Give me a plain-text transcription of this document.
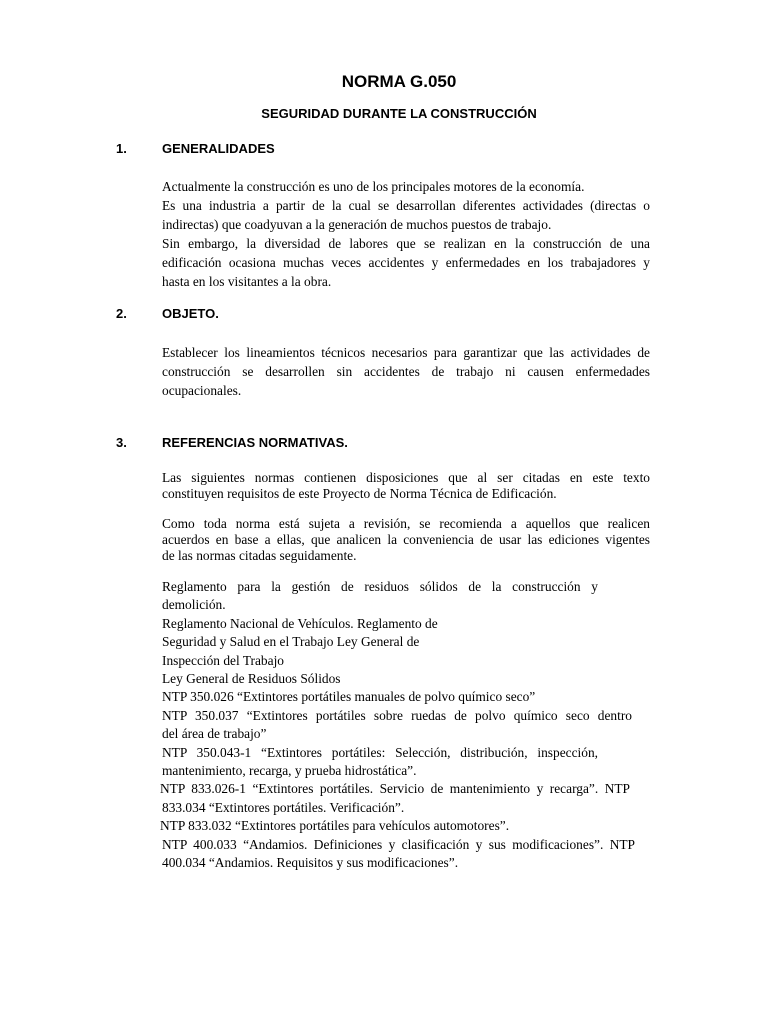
NORMA G.050
SEGURIDAD DURANTE LA CONSTRUCCIÓN
1.	GENERALIDADES
Actualmente la construcción es uno de los principales motores de la economía.
Es una industria a partir de la cual se desarrollan diferentes actividades (directas o
indirectas) que coadyuvan a la generación de muchos puestos de trabajo.
Sin embargo, la diversidad de labores que se realizan en la construcción de una
edificación ocasiona muchas veces accidentes y enfermedades en los trabajadores y
hasta en los visitantes a la obra.
2.	OBJETO.
Establecer los lineamientos técnicos necesarios para garantizar que las actividades de
construcción se desarrollen sin accidentes de trabajo ni causen enfermedades
ocupacionales.
3.	REFERENCIAS NORMATIVAS.
Las siguientes normas contienen disposiciones que al ser citadas en este texto
constituyen requisitos de este Proyecto de Norma Técnica de Edificación.
Como toda norma está sujeta a revisión, se recomienda a aquellos que realicen
acuerdos en base a ellas, que analicen la conveniencia de usar las ediciones vigentes
de las normas citadas seguidamente.
Reglamento para la gestión de residuos sólidos de la construcción y
demolición.
Reglamento Nacional de Vehículos. Reglamento de
Seguridad y Salud en el Trabajo Ley General de
Inspección del Trabajo
Ley General de Residuos Sólidos
NTP 350.026 “Extintores portátiles manuales de polvo químico seco”
NTP 350.037 “Extintores portátiles sobre ruedas de polvo químico seco dentro
del área de trabajo”
NTP 350.043-1 “Extintores portátiles: Selección, distribución, inspección,
mantenimiento, recarga, y prueba hidrostática”.
NTP 833.026-1 “Extintores portátiles. Servicio de mantenimiento y recarga”. NTP
833.034 “Extintores portátiles. Verificación”.
NTP 833.032 “Extintores portátiles para vehículos automotores”.
NTP 400.033 “Andamios. Definiciones y clasificación y sus modificaciones”. NTP
400.034 “Andamios. Requisitos y sus modificaciones”.
